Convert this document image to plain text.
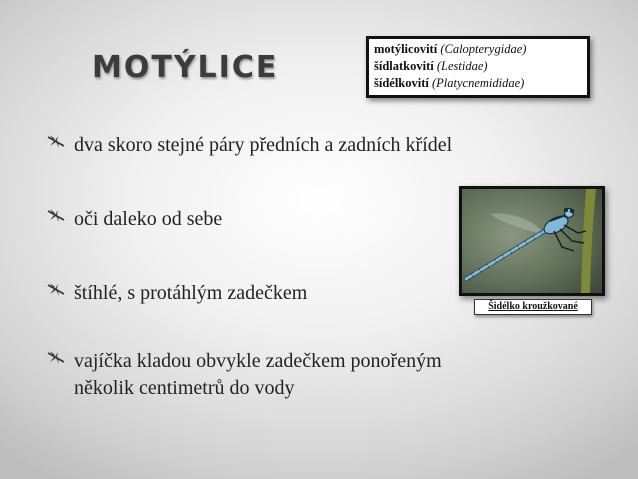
MOTÝLICE
motýlicovití (Calopterygidae)
šídlatkovití (Lestidae)
šídélkovití (Platycnemididae)
dva skoro stejné páry předních a zadních křídel
oči daleko od sebe
štíhlé, s protáhlým zadečkem
vajíčka kladou obvykle zadečkem ponořeným
několik centimetrů do vody
Šidélko kroužkované
